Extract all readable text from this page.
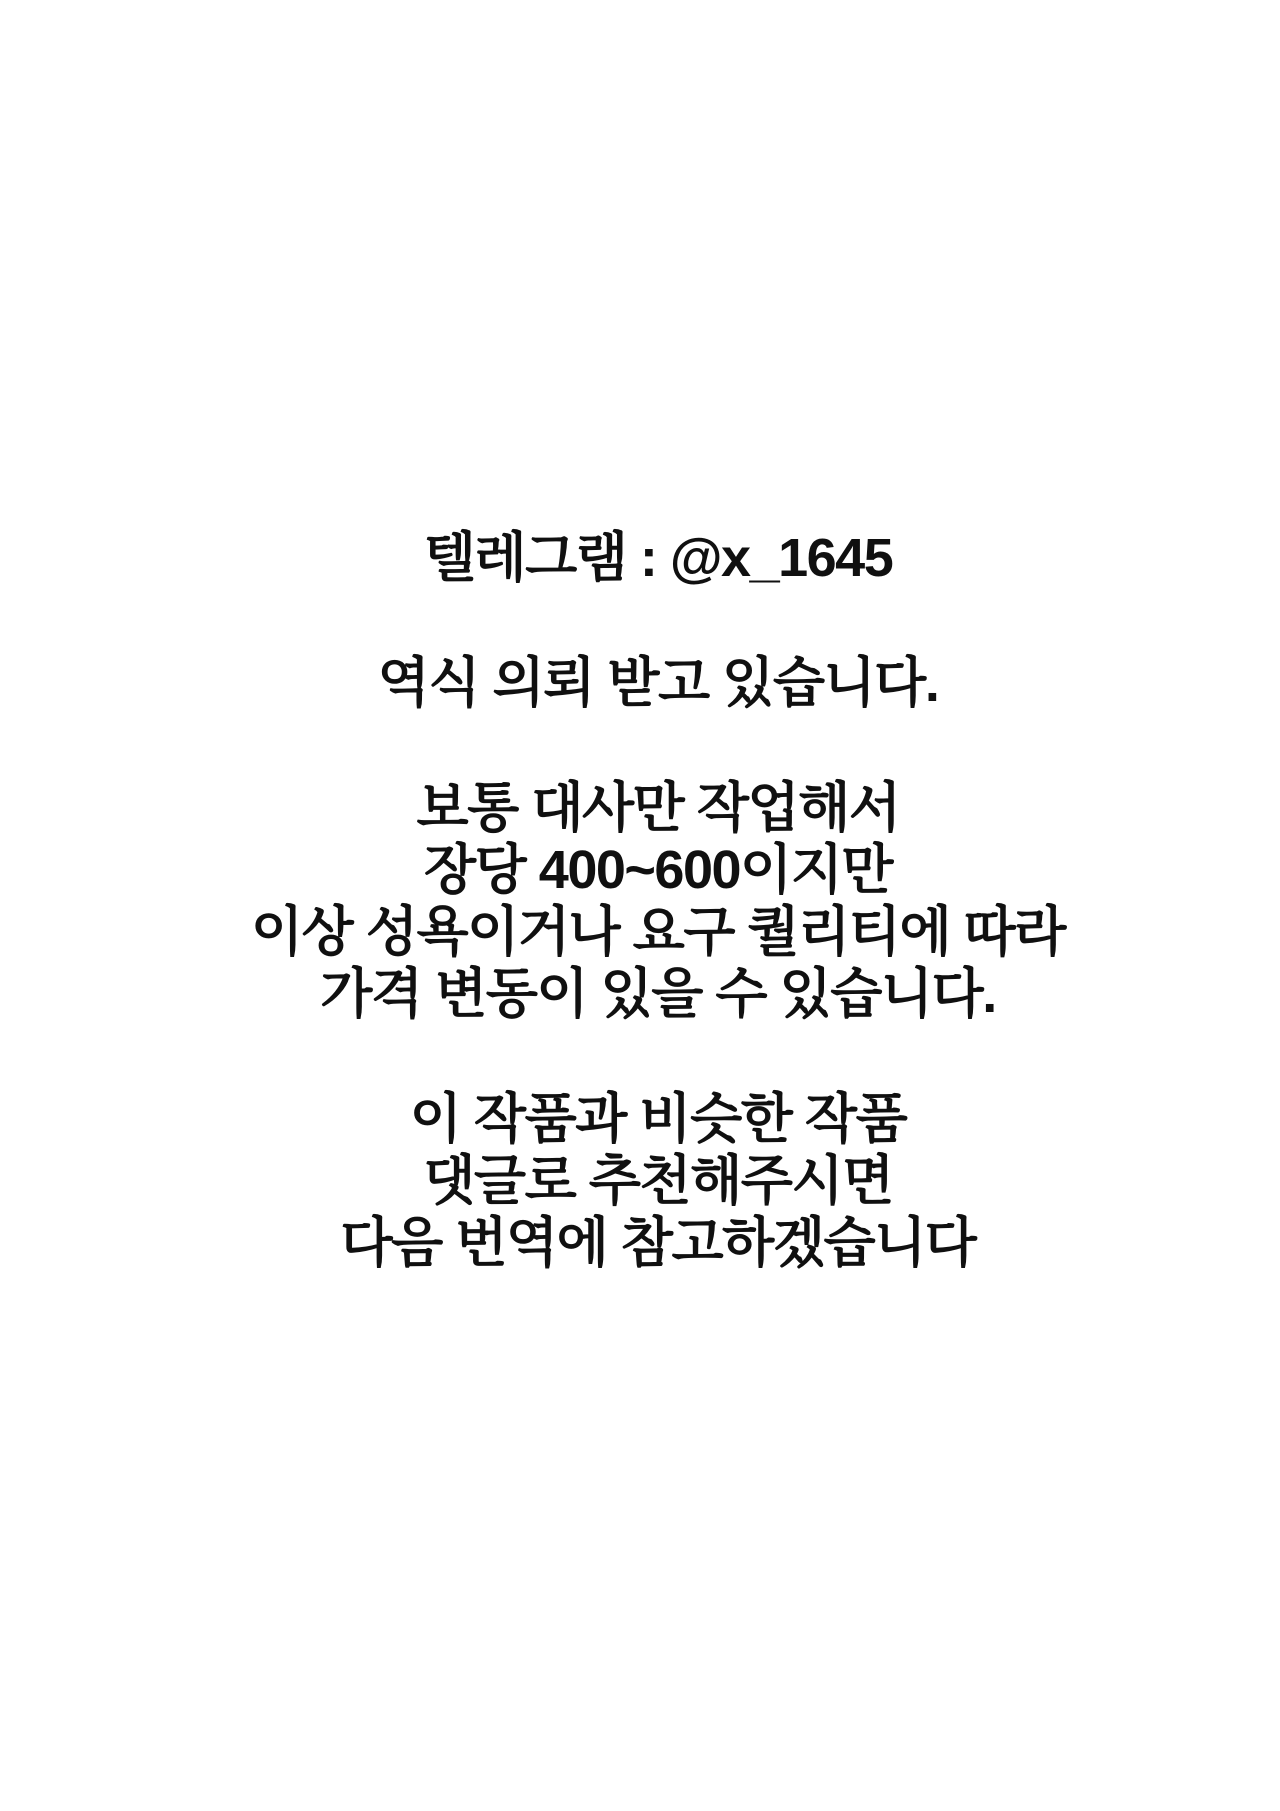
텔레그램 : @x_1645

역식 의뢰 받고 있습니다.

보통 대사만 작업해서
장당 400~600이지만
이상 성욕이거나 요구 퀄리티에 따라
가격 변동이 있을 수 있습니다.

이 작품과 비슷한 작품
댓글로 추천해주시면
다음 번역에 참고하겠습니다
